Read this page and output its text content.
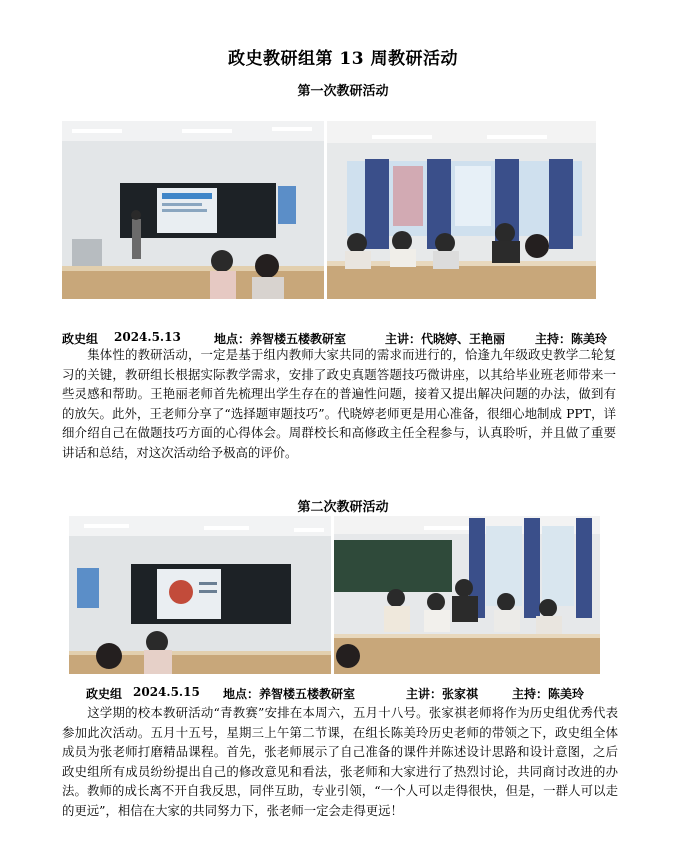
政史教研组第 13 周教研活动
第一次教研活动
政史组	2024.5.13	地点：养智楼五楼教研室	主讲：代晓婷、王艳丽	主持：陈美玲
集体性的教研活动，一定是基于组内教师大家共同的需求而进行的，恰逢九年级政史教学二轮复习的关键，教研组长根据实际教学需求，安排了政史真题答题技巧微讲座，以其给毕业班老师带来一些灵感和帮助。王艳丽老师首先梳理出学生存在的普遍性问题，接着又提出解决问题的办法，做到有的放矢。此外，王老师分享了“选择题审题技巧”。代晓婷老师更是用心准备，很细心地制成 PPT，详细介绍自己在做题技巧方面的心得体会。周群校长和高修政主任全程参与，认真聆听，并且做了重要讲话和总结，对这次活动给予极高的评价。
第二次教研活动
政史组 2024.5.15	地点：养智楼五楼教研室	主讲：张家祺	主持：陈美玲
这学期的校本教研活动“青教赛”安排在本周六，五月十八号。张家祺老师将作为历史组优秀代表参加此次活动。五月十五号，星期三上午第二节课，在组长陈美玲历史老师的带领之下，政史组全体成员为张老师打磨精品课程。首先，张老师展示了自己准备的课件并陈述设计思路和设计意图，之后政史组所有成员纷纷提出自己的修改意见和看法，张老师和大家进行了热烈讨论，共同商讨改进的办法。教师的成长离不开自我反思，同伴互助，专业引领，“一个人可以走得很快，但是，一群人可以走的更远”，相信在大家的共同努力下，张老师一定会走得更远！
